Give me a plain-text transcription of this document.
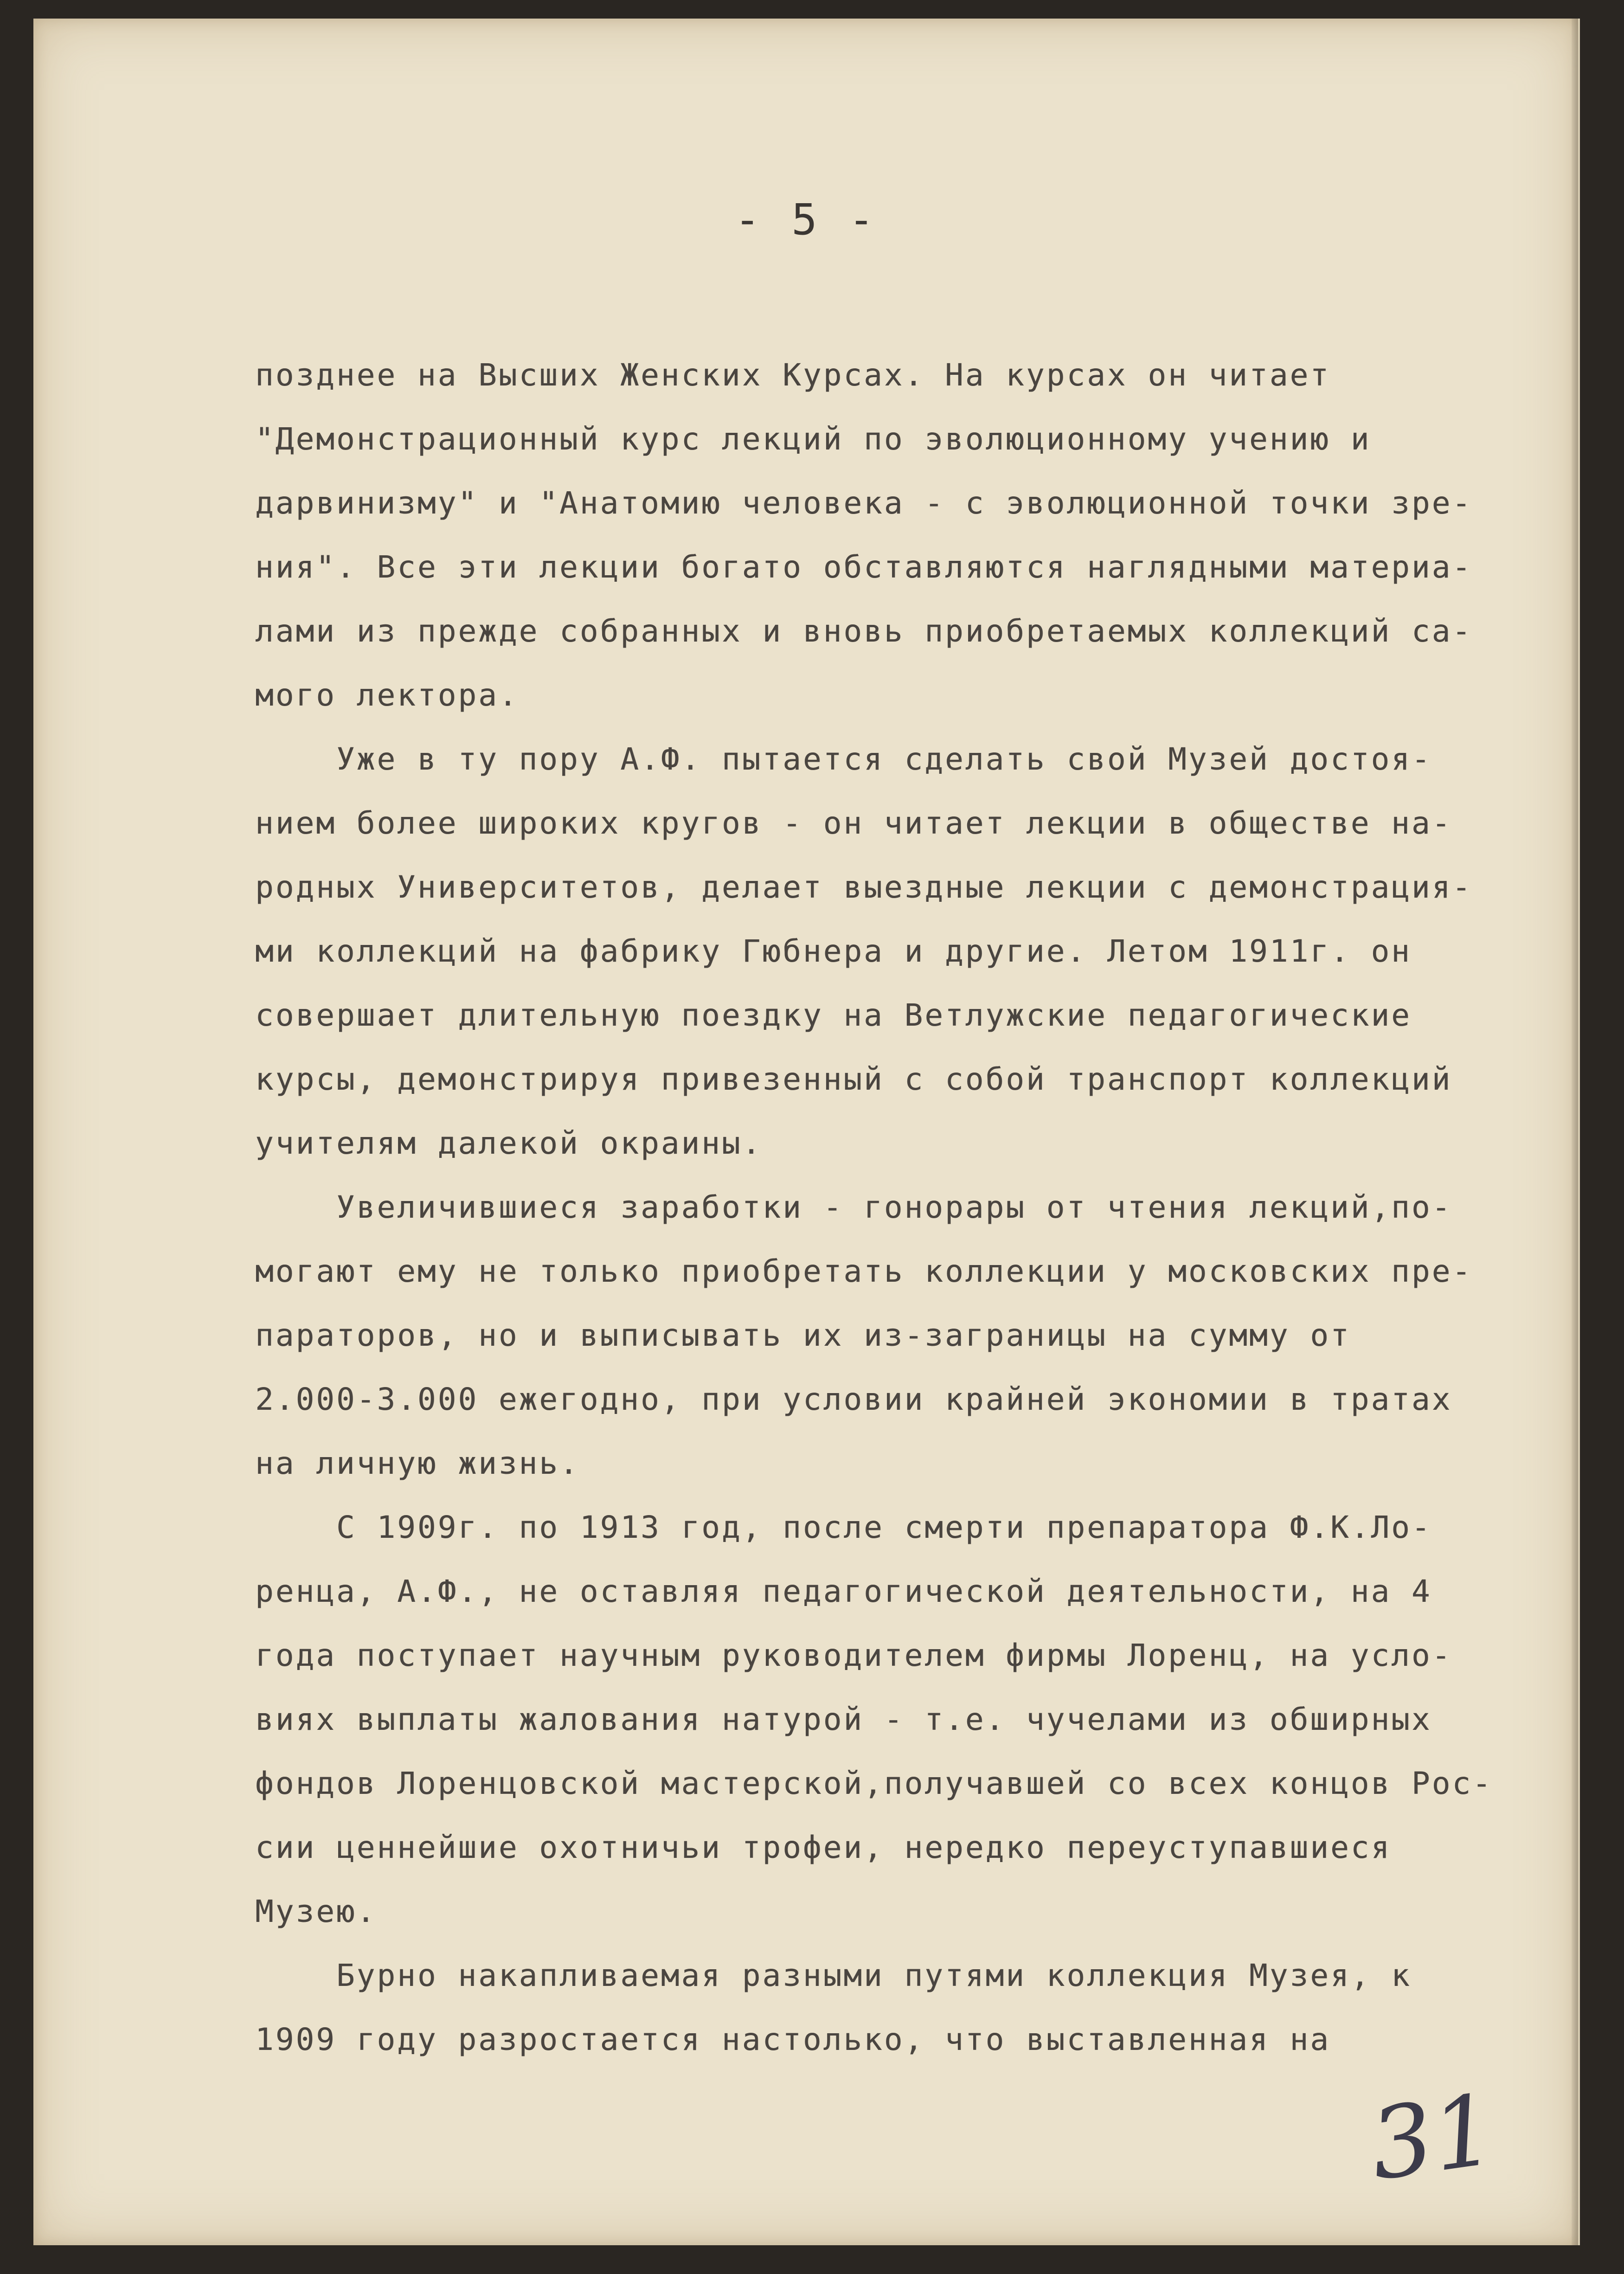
- 5 -
позднее на Высших Женских Курсах. На курсах он читает
"Демонстрационный курс лекций по эволюционному учению и
дарвинизму" и "Анатомию человека - с эволюционной точки зре-
ния". Все эти лекции богато обставляются наглядными материа-
лами из прежде собранных и вновь приобретаемых коллекций са-
мого лектора.
Уже в ту пору А.Ф. пытается сделать свой Музей достоя-
нием более широких кругов - он читает лекции в обществе на-
родных Университетов, делает выездные лекции с демонстрация-
ми коллекций на фабрику Гюбнера и другие. Летом 1911г. он
совершает длительную поездку на Ветлужские педагогические
курсы, демонстрируя привезенный с собой транспорт коллекций
учителям далекой окраины.
Увеличившиеся заработки - гонорары от чтения лекций,по-
могают ему не только приобретать коллекции у московских пре-
параторов, но и выписывать их из-заграницы на сумму от
2.000-3.000 ежегодно, при условии крайней экономии в тратах
на личную жизнь.
С 1909г. по 1913 год, после смерти препаратора Ф.К.Ло-
ренца, А.Ф., не оставляя педагогической деятельности, на 4
года поступает научным руководителем фирмы Лоренц, на усло-
виях выплаты жалования натурой - т.е. чучелами из обширных
фондов Лоренцовской мастерской,получавшей со всех концов Рос-
сии ценнейшие охотничьи трофеи, нередко переуступавшиеся
Музею.
Бурно накапливаемая разными путями коллекция Музея, к
1909 году разростается настолько, что выставленная на
31
